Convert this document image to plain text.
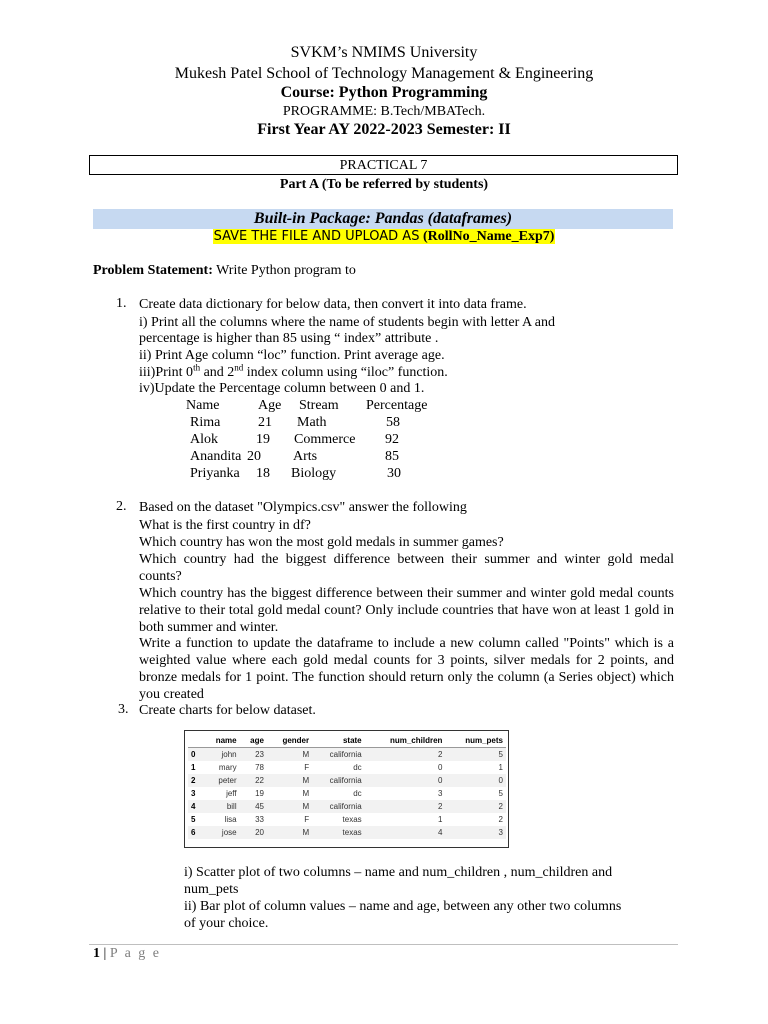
SVKM’s NMIMS University
Mukesh Patel School of Technology Management & Engineering
Course: Python Programming
PROGRAMME: B.Tech/MBATech.
First Year AY 2022-2023 Semester: II
PRACTICAL 7
Part A (To be referred by students)
Built-in Package: Pandas (dataframes)
SAVE THE FILE AND UPLOAD AS (RollNo_Name_Exp7)
Problem Statement: Write Python program to
1. Create data dictionary for below data, then convert it into data frame.
i) Print all the columns where the name of students begin with letter A and
percentage is higher than 85 using “ index” attribute .
ii) Print Age column “loc” function. Print average age.
iii)Print 0th and 2nd index column using “iloc” function.
iv)Update the Percentage column between 0 and 1.
Name	Age Stream Percentage
Rima	21 Math	58
Alok	19 Commerce 92
Anandita 20 Arts	85
Priyanka 18 Biology	30
2. Based on the dataset "Olympics.csv" answer the following
What is the first country in df?
Which country has won the most gold medals in summer games?
Which country had the biggest difference between their summer and winter gold medal counts?
Which country has the biggest difference between their summer and winter gold medal counts relative to their total gold medal count? Only include countries that have won at least 1 gold in both summer and winter.
Write a function to update the dataframe to include a new column called "Points" which is a weighted value where each gold medal counts for 3 points, silver medals for 2 points, and bronze medals for 1 point. The function should return only the column (a Series object) which you created
3. Create charts for below dataset.
	name	age	gender	state	num_children	num_pets
0	john	23	M	california	2	5
1	mary	78	F	dc	0	1
2	peter	22	M	california	0	0
3	jeff	19	M	dc	3	5
4	bill	45	M	california	2	2
5	lisa	33	F	texas	1	2
6	jose	20	M	texas	4	3
i) Scatter plot of two columns – name and num_children , num_children and
num_pets
ii) Bar plot of column values – name and age, between any other two columns
of your choice.
1 | P a g e
